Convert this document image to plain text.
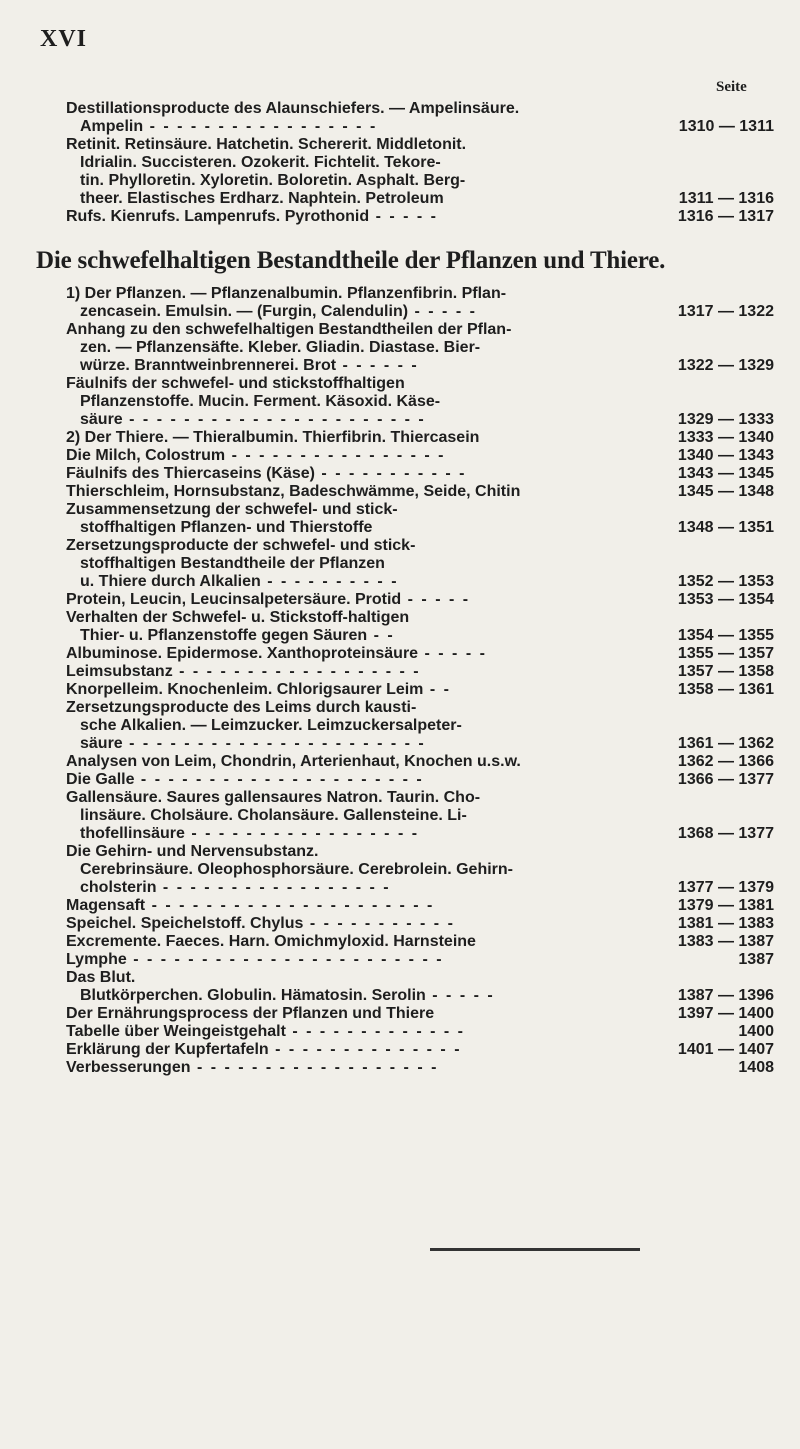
XVI
Seite
Destillationsproducte des Alaunschiefers. — Ampelinsäure.
Ampelin - - - - - - - - - - - - - - - - -	1310 — 1311
Retinit. Retinsäure. Hatchetin. Schererit. Middletonit.
Idrialin. Succisteren. Ozokerit. Fichtelit. Tekore-
tin. Phylloretin. Xyloretin. Boloretin. Asphalt. Berg-
theer. Elastisches Erdharz. Naphtein. Petroleum	1311 — 1316
Rufs. Kienrufs. Lampenrufs. Pyrothonid - - - - -	1316 — 1317
Die schwefelhaltigen Bestandtheile der Pflanzen und Thiere.
1) Der Pflanzen. — Pflanzenalbumin. Pflanzenfibrin. Pflan-
zencasein. Emulsin. — (Furgin, Calendulin) - - - - -	1317 — 1322
Anhang zu den schwefelhaltigen Bestandtheilen der Pflan-
zen. — Pflanzensäfte. Kleber. Gliadin. Diastase. Bier-
würze. Branntweinbrennerei. Brot - - - - - -	1322 — 1329
Fäulnifs der schwefel- und stickstoffhaltigen
Pflanzenstoffe. Mucin. Ferment. Käsoxid. Käse-
säure - - - - - - - - - - - - - - - - - - - - - -	1329 — 1333
2) Der Thiere. — Thieralbumin. Thierfibrin. Thiercasein	1333 — 1340
Die Milch, Colostrum - - - - - - - - - - - - - - - -	1340 — 1343
Fäulnifs des Thiercaseins (Käse) - - - - - - - - - - -	1343 — 1345
Thierschleim, Hornsubstanz, Badeschwämme, Seide, Chitin	1345 — 1348
Zusammensetzung der schwefel- und stick-
stoffhaltigen Pflanzen- und Thierstoffe	1348 — 1351
Zersetzungsproducte der schwefel- und stick-
stoffhaltigen Bestandtheile der Pflanzen
u. Thiere durch Alkalien - - - - - - - - - -	1352 — 1353
Protein, Leucin, Leucinsalpetersäure. Protid - - - - -	1353 — 1354
Verhalten der Schwefel- u. Stickstoff-haltigen
Thier- u. Pflanzenstoffe gegen Säuren - -	1354 — 1355
Albuminose. Epidermose. Xanthoproteinsäure - - - - -	1355 — 1357
Leimsubstanz - - - - - - - - - - - - - - - - - -	1357 — 1358
Knorpelleim. Knochenleim. Chlorigsaurer Leim - -	1358 — 1361
Zersetzungsproducte des Leims durch kausti-
sche Alkalien. — Leimzucker. Leimzuckersalpeter-
säure - - - - - - - - - - - - - - - - - - - - - -	1361 — 1362
Analysen von Leim, Chondrin, Arterienhaut, Knochen u.s.w.	1362 — 1366
Die Galle - - - - - - - - - - - - - - - - - - - - -	1366 — 1377
Gallensäure. Saures gallensaures Natron. Taurin. Cho-
linsäure. Cholsäure. Cholansäure. Gallensteine. Li-
thofellinsäure - - - - - - - - - - - - - - - - -	1368 — 1377
Die Gehirn- und Nervensubstanz.
Cerebrinsäure. Oleophosphorsäure. Cerebrolein. Gehirn-
cholsterin - - - - - - - - - - - - - - - - -	1377 — 1379
Magensaft - - - - - - - - - - - - - - - - - - - - -	1379 — 1381
Speichel. Speichelstoff. Chylus - - - - - - - - - - -	1381 — 1383
Excremente. Faeces. Harn. Omichmyloxid. Harnsteine	1383 — 1387
Lymphe - - - - - - - - - - - - - - - - - - - - - - -	1387
Das Blut.
Blutkörperchen. Globulin. Hämatosin. Serolin - - - - -	1387 — 1396
Der Ernährungsprocess der Pflanzen und Thiere	1397 — 1400
Tabelle über Weingeistgehalt - - - - - - - - - - - - -	1400
Erklärung der Kupfertafeln - - - - - - - - - - - - - -	1401 — 1407
Verbesserungen - - - - - - - - - - - - - - - - - -	1408
